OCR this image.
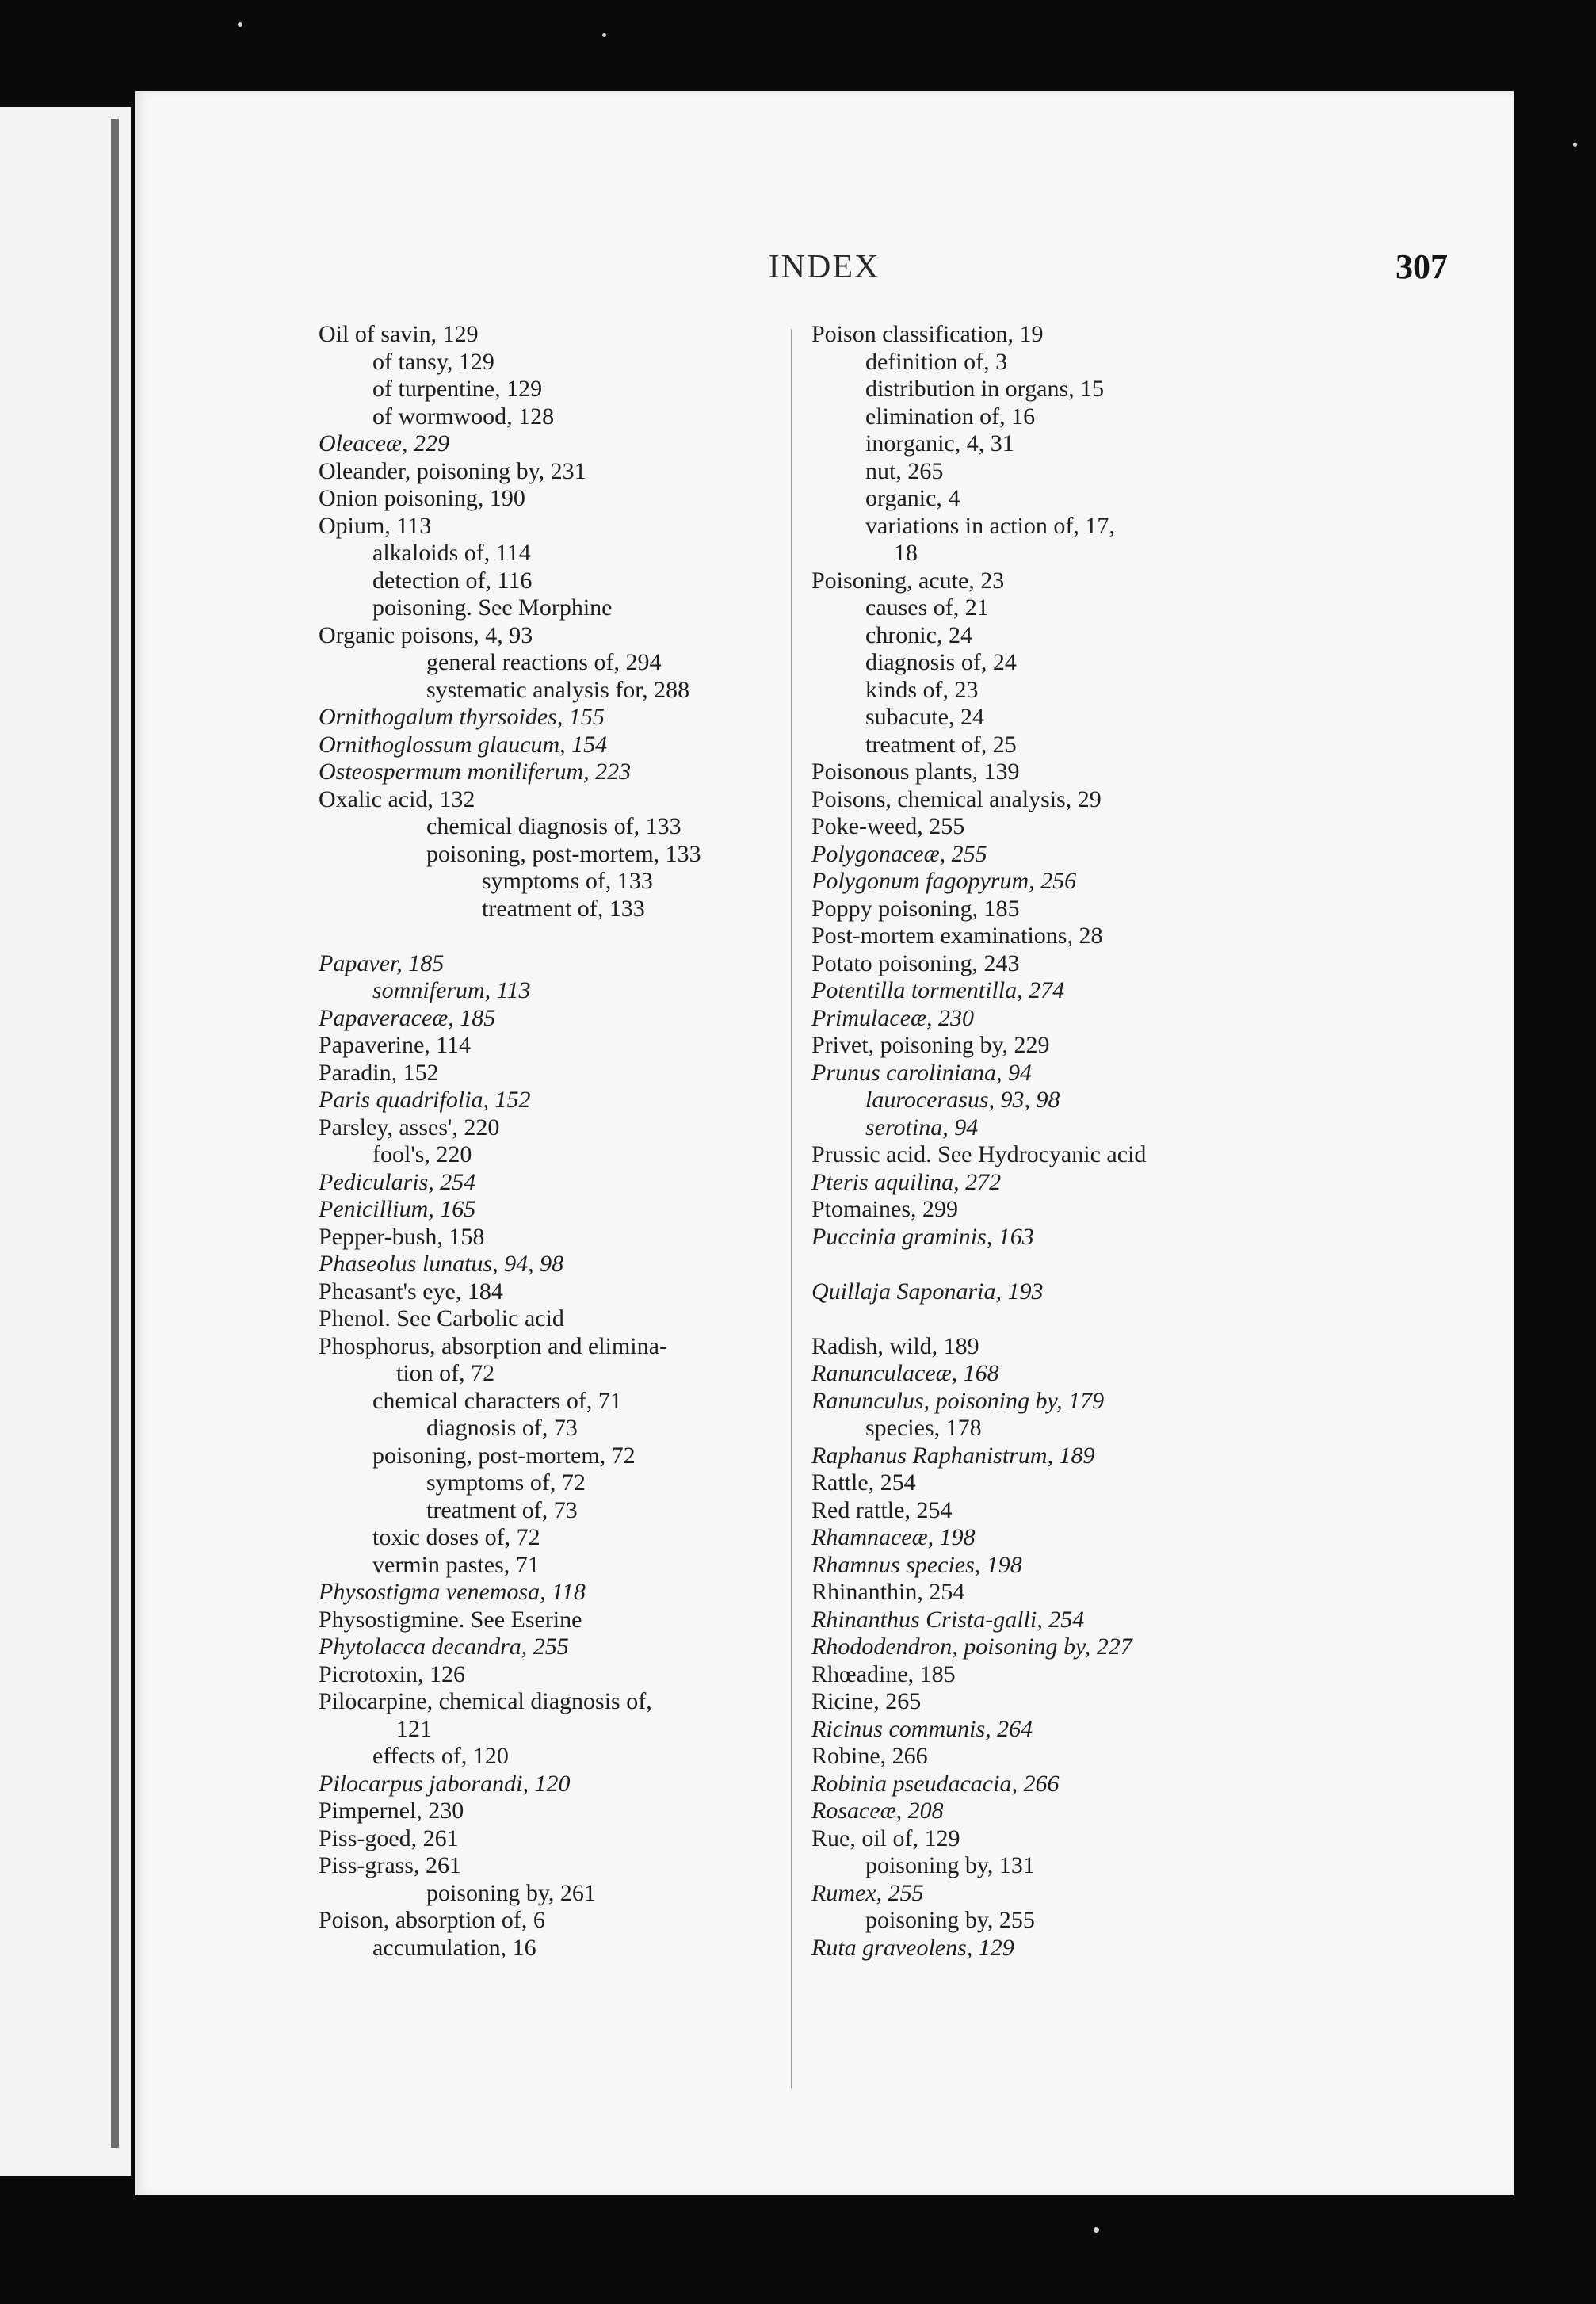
INDEX	307
Oil of savin, 129
of tansy, 129
of turpentine, 129
of wormwood, 128
Oleaceæ, 229
Oleander, poisoning by, 231
Onion poisoning, 190
Opium, 113
alkaloids of, 114
detection of, 116
poisoning. See Morphine
Organic poisons, 4, 93
general reactions of, 294
systematic analysis for, 288
Ornithogalum thyrsoides, 155
Ornithoglossum glaucum, 154
Osteospermum moniliferum, 223
Oxalic acid, 132
chemical diagnosis of, 133
poisoning, post-mortem, 133
symptoms of, 133
treatment of, 133
Papaver, 185
somniferum, 113
Papaveraceæ, 185
Papaverine, 114
Paradin, 152
Paris quadrifolia, 152
Parsley, asses', 220
fool's, 220
Pedicularis, 254
Penicillium, 165
Pepper-bush, 158
Phaseolus lunatus, 94, 98
Pheasant's eye, 184
Phenol. See Carbolic acid
Phosphorus, absorption and elimina-
tion of, 72
chemical characters of, 71
diagnosis of, 73
poisoning, post-mortem, 72
symptoms of, 72
treatment of, 73
toxic doses of, 72
vermin pastes, 71
Physostigma venemosa, 118
Physostigmine. See Eserine
Phytolacca decandra, 255
Picrotoxin, 126
Pilocarpine, chemical diagnosis of,
121
effects of, 120
Pilocarpus jaborandi, 120
Pimpernel, 230
Piss-goed, 261
Piss-grass, 261
poisoning by, 261
Poison, absorption of, 6
accumulation, 16
Poison classification, 19
definition of, 3
distribution in organs, 15
elimination of, 16
inorganic, 4, 31
nut, 265
organic, 4
variations in action of, 17,
18
Poisoning, acute, 23
causes of, 21
chronic, 24
diagnosis of, 24
kinds of, 23
subacute, 24
treatment of, 25
Poisonous plants, 139
Poisons, chemical analysis, 29
Poke-weed, 255
Polygonaceæ, 255
Polygonum fagopyrum, 256
Poppy poisoning, 185
Post-mortem examinations, 28
Potato poisoning, 243
Potentilla tormentilla, 274
Primulaceæ, 230
Privet, poisoning by, 229
Prunus caroliniana, 94
laurocerasus, 93, 98
serotina, 94
Prussic acid. See Hydrocyanic acid
Pteris aquilina, 272
Ptomaines, 299
Puccinia graminis, 163
Quillaja Saponaria, 193
Radish, wild, 189
Ranunculaceæ, 168
Ranunculus, poisoning by, 179
species, 178
Raphanus Raphanistrum, 189
Rattle, 254
Red rattle, 254
Rhamnaceæ, 198
Rhamnus species, 198
Rhinanthin, 254
Rhinanthus Crista-galli, 254
Rhododendron, poisoning by, 227
Rhœadine, 185
Ricine, 265
Ricinus communis, 264
Robine, 266
Robinia pseudacacia, 266
Rosaceæ, 208
Rue, oil of, 129
poisoning by, 131
Rumex, 255
poisoning by, 255
Ruta graveolens, 129
